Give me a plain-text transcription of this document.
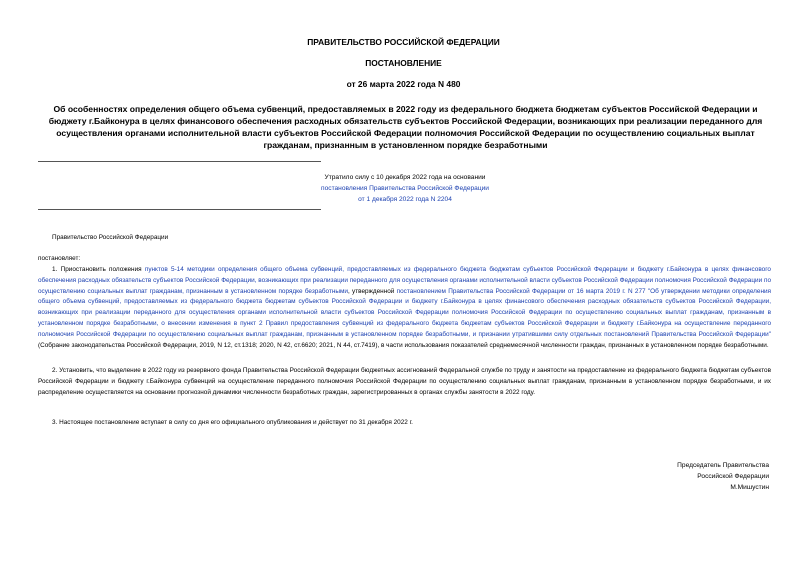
ПРАВИТЕЛЬСТВО РОССИЙСКОЙ ФЕДЕРАЦИИ
ПОСТАНОВЛЕНИЕ
от 26 марта 2022 года N 480
Об особенностях определения общего объема субвенций, предоставляемых в 2022 году из федерального бюджета бюджетам субъектов Российской Федерации и бюджету г.Байконура в целях финансового обеспечения расходных обязательств субъектов Российской Федерации, возникающих при реализации переданного для осуществления органами исполнительной власти субъектов Российской Федерации полномочия Российской Федерации по осуществлению социальных выплат гражданам, признанным в установленном порядке безработными
Утратило силу с 10 декабря 2022 года на основании
постановления Правительства Российской Федерации
от 1 декабря 2022 года N 2204
Правительство Российской Федерации
постановляет:
1. Приостановить положения пунктов 5-14 методики определения общего объема субвенций, предоставляемых из федерального бюджета бюджетам субъектов Российской Федерации и бюджету г.Байконура в целях финансового обеспечения расходных обязательств субъектов Российской Федерации, возникающих при реализации переданного для осуществления органами исполнительной власти субъектов Российской Федерации полномочия Российской Федерации по осуществлению социальных выплат гражданам, признанным в установленном порядке безработными, утвержденной постановлением Правительства Российской Федерации от 16 марта 2019 г. N 277 "Об утверждении методики определения общего объема субвенций, предоставляемых из федерального бюджета бюджетам субъектов Российской Федерации и бюджету г.Байконура в целях финансового обеспечения расходных обязательств субъектов Российской Федерации, возникающих при реализации переданного для осуществления органами исполнительной власти субъектов Российской Федерации полномочия Российской Федерации по осуществлению социальных выплат гражданам, признанным в установленном порядке безработными, о внесении изменения в пункт 2 Правил предоставления субвенций из федерального бюджета бюджетам субъектов Российской Федерации и бюджету г.Байконура на осуществление переданного полномочия Российской Федерации по осуществлению социальных выплат гражданам, признанным в установленном порядке безработными, и признании утратившими силу отдельных постановлений Правительства Российской Федерации" (Собрание законодательства Российской Федерации, 2019, N 12, ст.1318; 2020, N 42, ст.6620; 2021, N 44, ст.7419), в части использования показателей среднемесячной численности граждан, признанных в установленном порядке безработными.
2. Установить, что выделение в 2022 году из резервного фонда Правительства Российской Федерации бюджетных ассигнований Федеральной службе по труду и занятости на предоставление из федерального бюджета бюджетам субъектов Российской Федерации и бюджету г.Байконура субвенций на осуществление переданного полномочия Российской Федерации по осуществлению социальных выплат гражданам, признанным в установленном порядке безработными, и их распределение осуществляется на основании прогнозной динамики численности безработных граждан, зарегистрированных в органах службы занятости в 2022 году.
3. Настоящее постановление вступает в силу со дня его официального опубликования и действует по 31 декабря 2022 г.
Председатель Правительства
Российской Федерации
М.Мишустин
